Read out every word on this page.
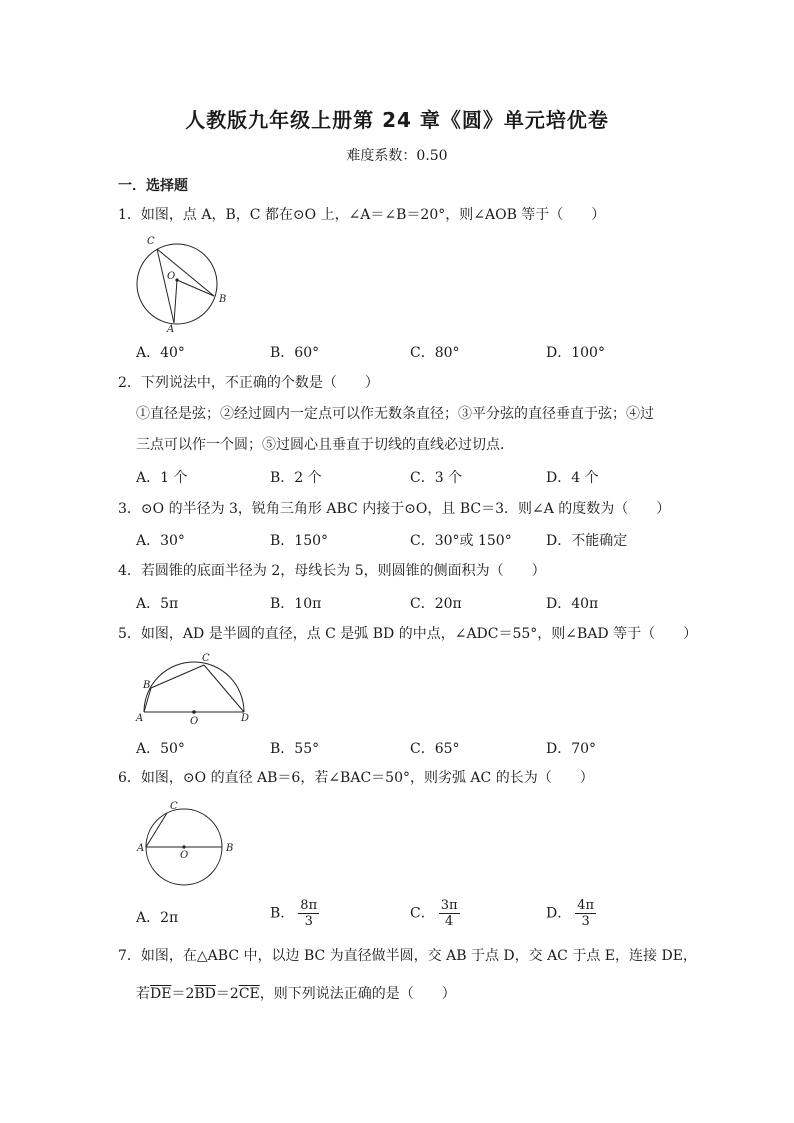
人教版九年级上册第 24 章《圆》单元培优卷
难度系数：0.50
一．选择题
1．如图，点 A，B，C 都在⊙O 上，∠A＝∠B＝20°，则∠AOB 等于（　　）
C
O
B
A
A．40°	B．60°	C．80°	D．100°
2．下列说法中，不正确的个数是（　　）
①直径是弦；②经过圆内一定点可以作无数条直径；③平分弦的直径垂直于弦；④过
三点可以作一个圆；⑤过圆心且垂直于切线的直线必过切点．
A．1 个	B．2 个	C．3 个	D．4 个
3．⊙O 的半径为 3，锐角三角形 ABC 内接于⊙O，且 BC＝3．则∠A 的度数为（　　）
A．30°	B．150°	C．30°或 150° D．不能确定
4．若圆锥的底面半径为 2，母线长为 5，则圆锥的侧面积为（　　）
A．5π	B．10π	C．20π	D．40π
5．如图，AD 是半圆的直径，点 C 是弧 BD 的中点，∠ADC＝55°，则∠BAD 等于（　　）
A
B
C
O	D
A．50°	B．55°	C．65°	D．70°
6．如图，⊙O 的直径 AB＝6，若∠BAC＝50°，则劣弧 AC 的长为（　　）
A	B
C
O
A．2π	B． $\frac{8\pi}{3}$	C． $\frac{3\pi}{4}$	D． $\frac{4\pi}{3}$
7．如图，在△ABC 中，以边 BC 为直径做半圆，交 AB 于点 D，交 AC 于点 E，连接 DE，
若$\overline{DE}=2\overline{BD}=2\overline{CE}$，则下列说法正确的是（　　）
